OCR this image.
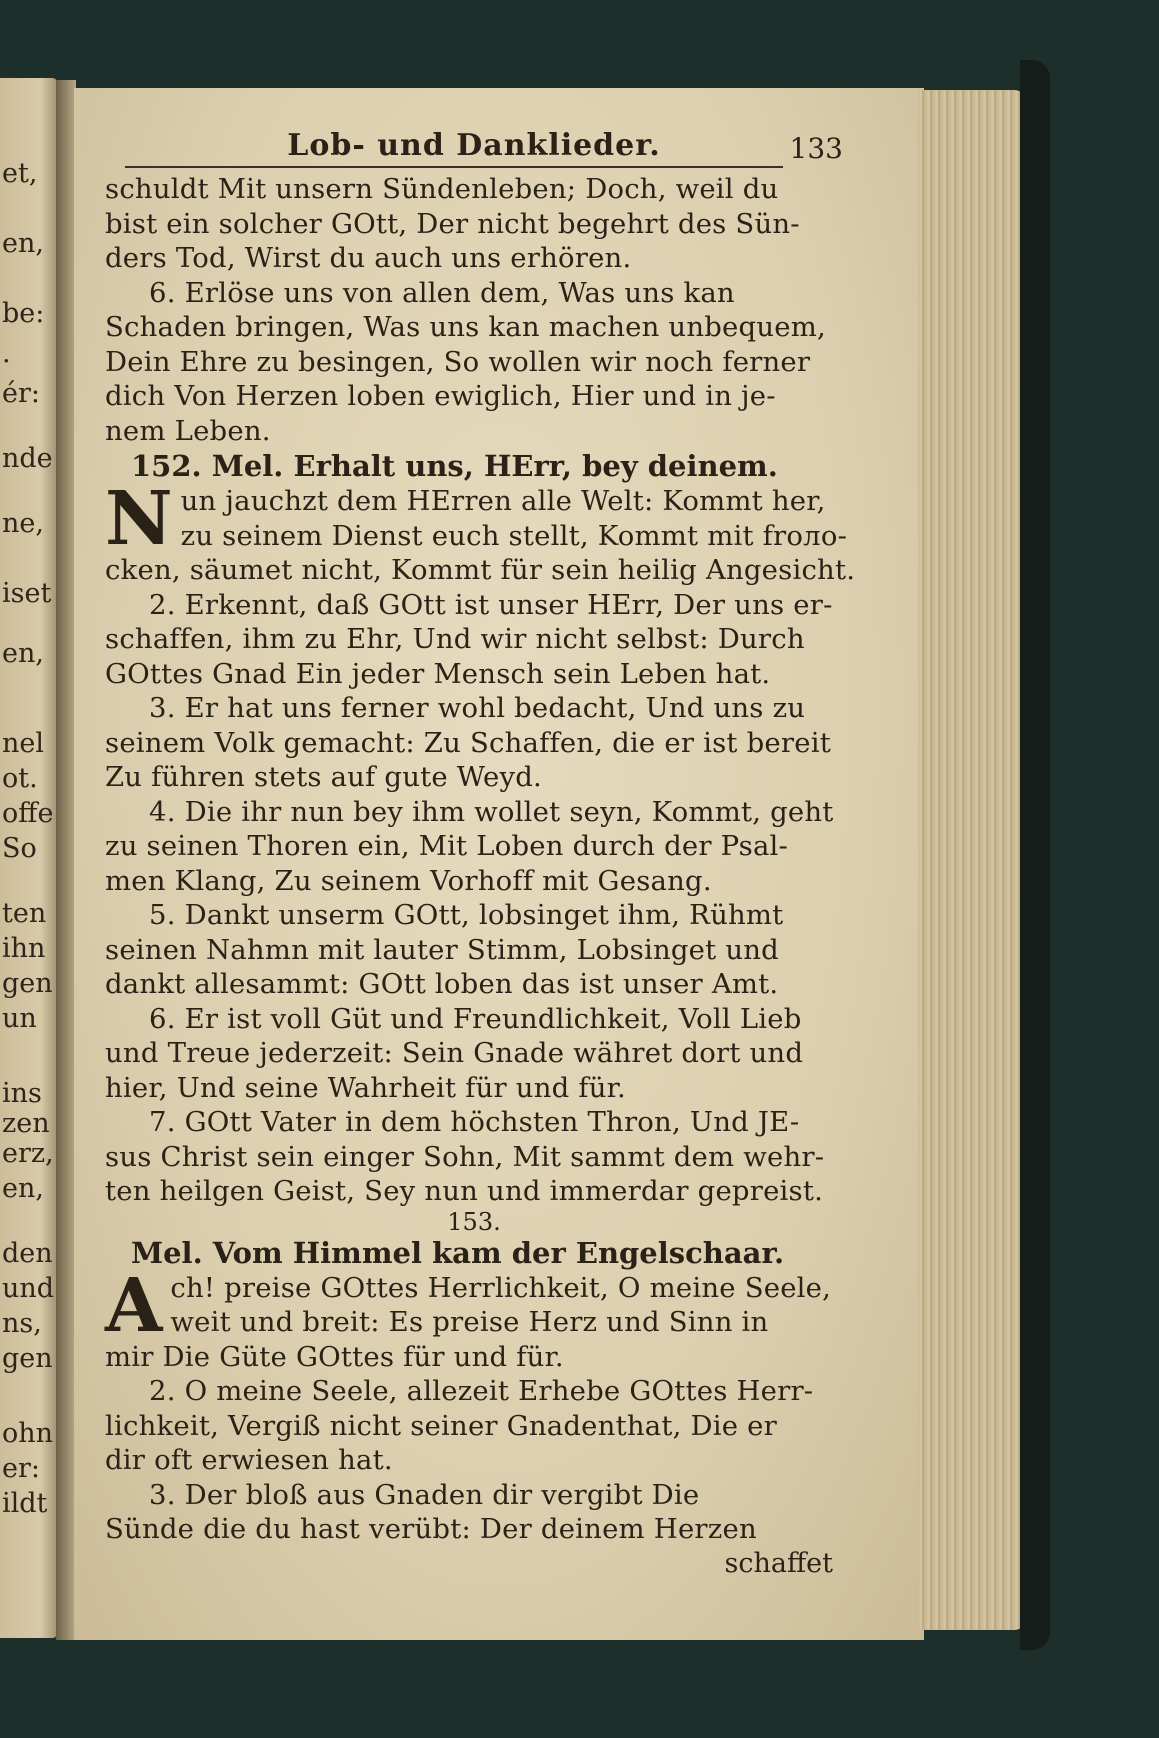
et,
en,
be:
.
ér:
nde
ne,
iset
en,
nel
ot.
offe
So
ten
ihn
gen
un
ins
zen
erz,
en,
den
und
ns,
gen
ohn
er:
ildt
Lob- und Danklieder.	133
schuldt Mit unsern Sündenleben; Doch, weil du
bist ein solcher GOtt, Der nicht begehrt des Sün-
ders Tod, Wirst du auch uns erhören.
6. Erlöse uns von allen dem, Was uns kan
Schaden bringen, Was uns kan machen unbequem,
Dein Ehre zu besingen, So wollen wir noch ferner
dich Von Herzen loben ewiglich, Hier und in je-
nem Leben.
152. Mel. Erhalt uns, HErr, bey deinem.
N un jauchzt dem HErren alle Welt: Kommt her,
zu seinem Dienst euch stellt, Kommt mit froло-
cken, säumet nicht, Kommt für sein heilig Angesicht.
2. Erkennt, daß GOtt ist unser HErr, Der uns er-
schaffen, ihm zu Ehr, Und wir nicht selbst: Durch
GOttes Gnad Ein jeder Mensch sein Leben hat.
3. Er hat uns ferner wohl bedacht, Und uns zu
seinem Volk gemacht: Zu Schaffen, die er ist bereit
Zu führen stets auf gute Weyd.
4. Die ihr nun bey ihm wollet seyn, Kommt, geht
zu seinen Thoren ein, Mit Loben durch der Psal-
men Klang, Zu seinem Vorhoff mit Gesang.
5. Dankt unserm GOtt, lobsinget ihm, Rühmt
seinen Nahmn mit lauter Stimm, Lobsinget und
dankt allesammt: GOtt loben das ist unser Amt.
6. Er ist voll Güt und Freundlichkeit, Voll Lieb
und Treue jederzeit: Sein Gnade währet dort und
hier, Und seine Wahrheit für und für.
7. GOtt Vater in dem höchsten Thron, Und JE-
sus Christ sein einger Sohn, Mit sammt dem wehr-
ten heilgen Geist, Sey nun und immerdar gepreist.
153.
Mel. Vom Himmel kam der Engelschaar.
A ch! preise GOttes Herrlichkeit, O meine Seele,
weit und breit: Es preise Herz und Sinn in
mir Die Güte GOttes für und für.
2. O meine Seele, allezeit Erhebe GOttes Herr-
lichkeit, Vergiß nicht seiner Gnadenthat, Die er
dir oft erwiesen hat.
3. Der bloß aus Gnaden dir vergibt Die
Sünde die du hast verübt: Der deinem Herzen
schaffet
